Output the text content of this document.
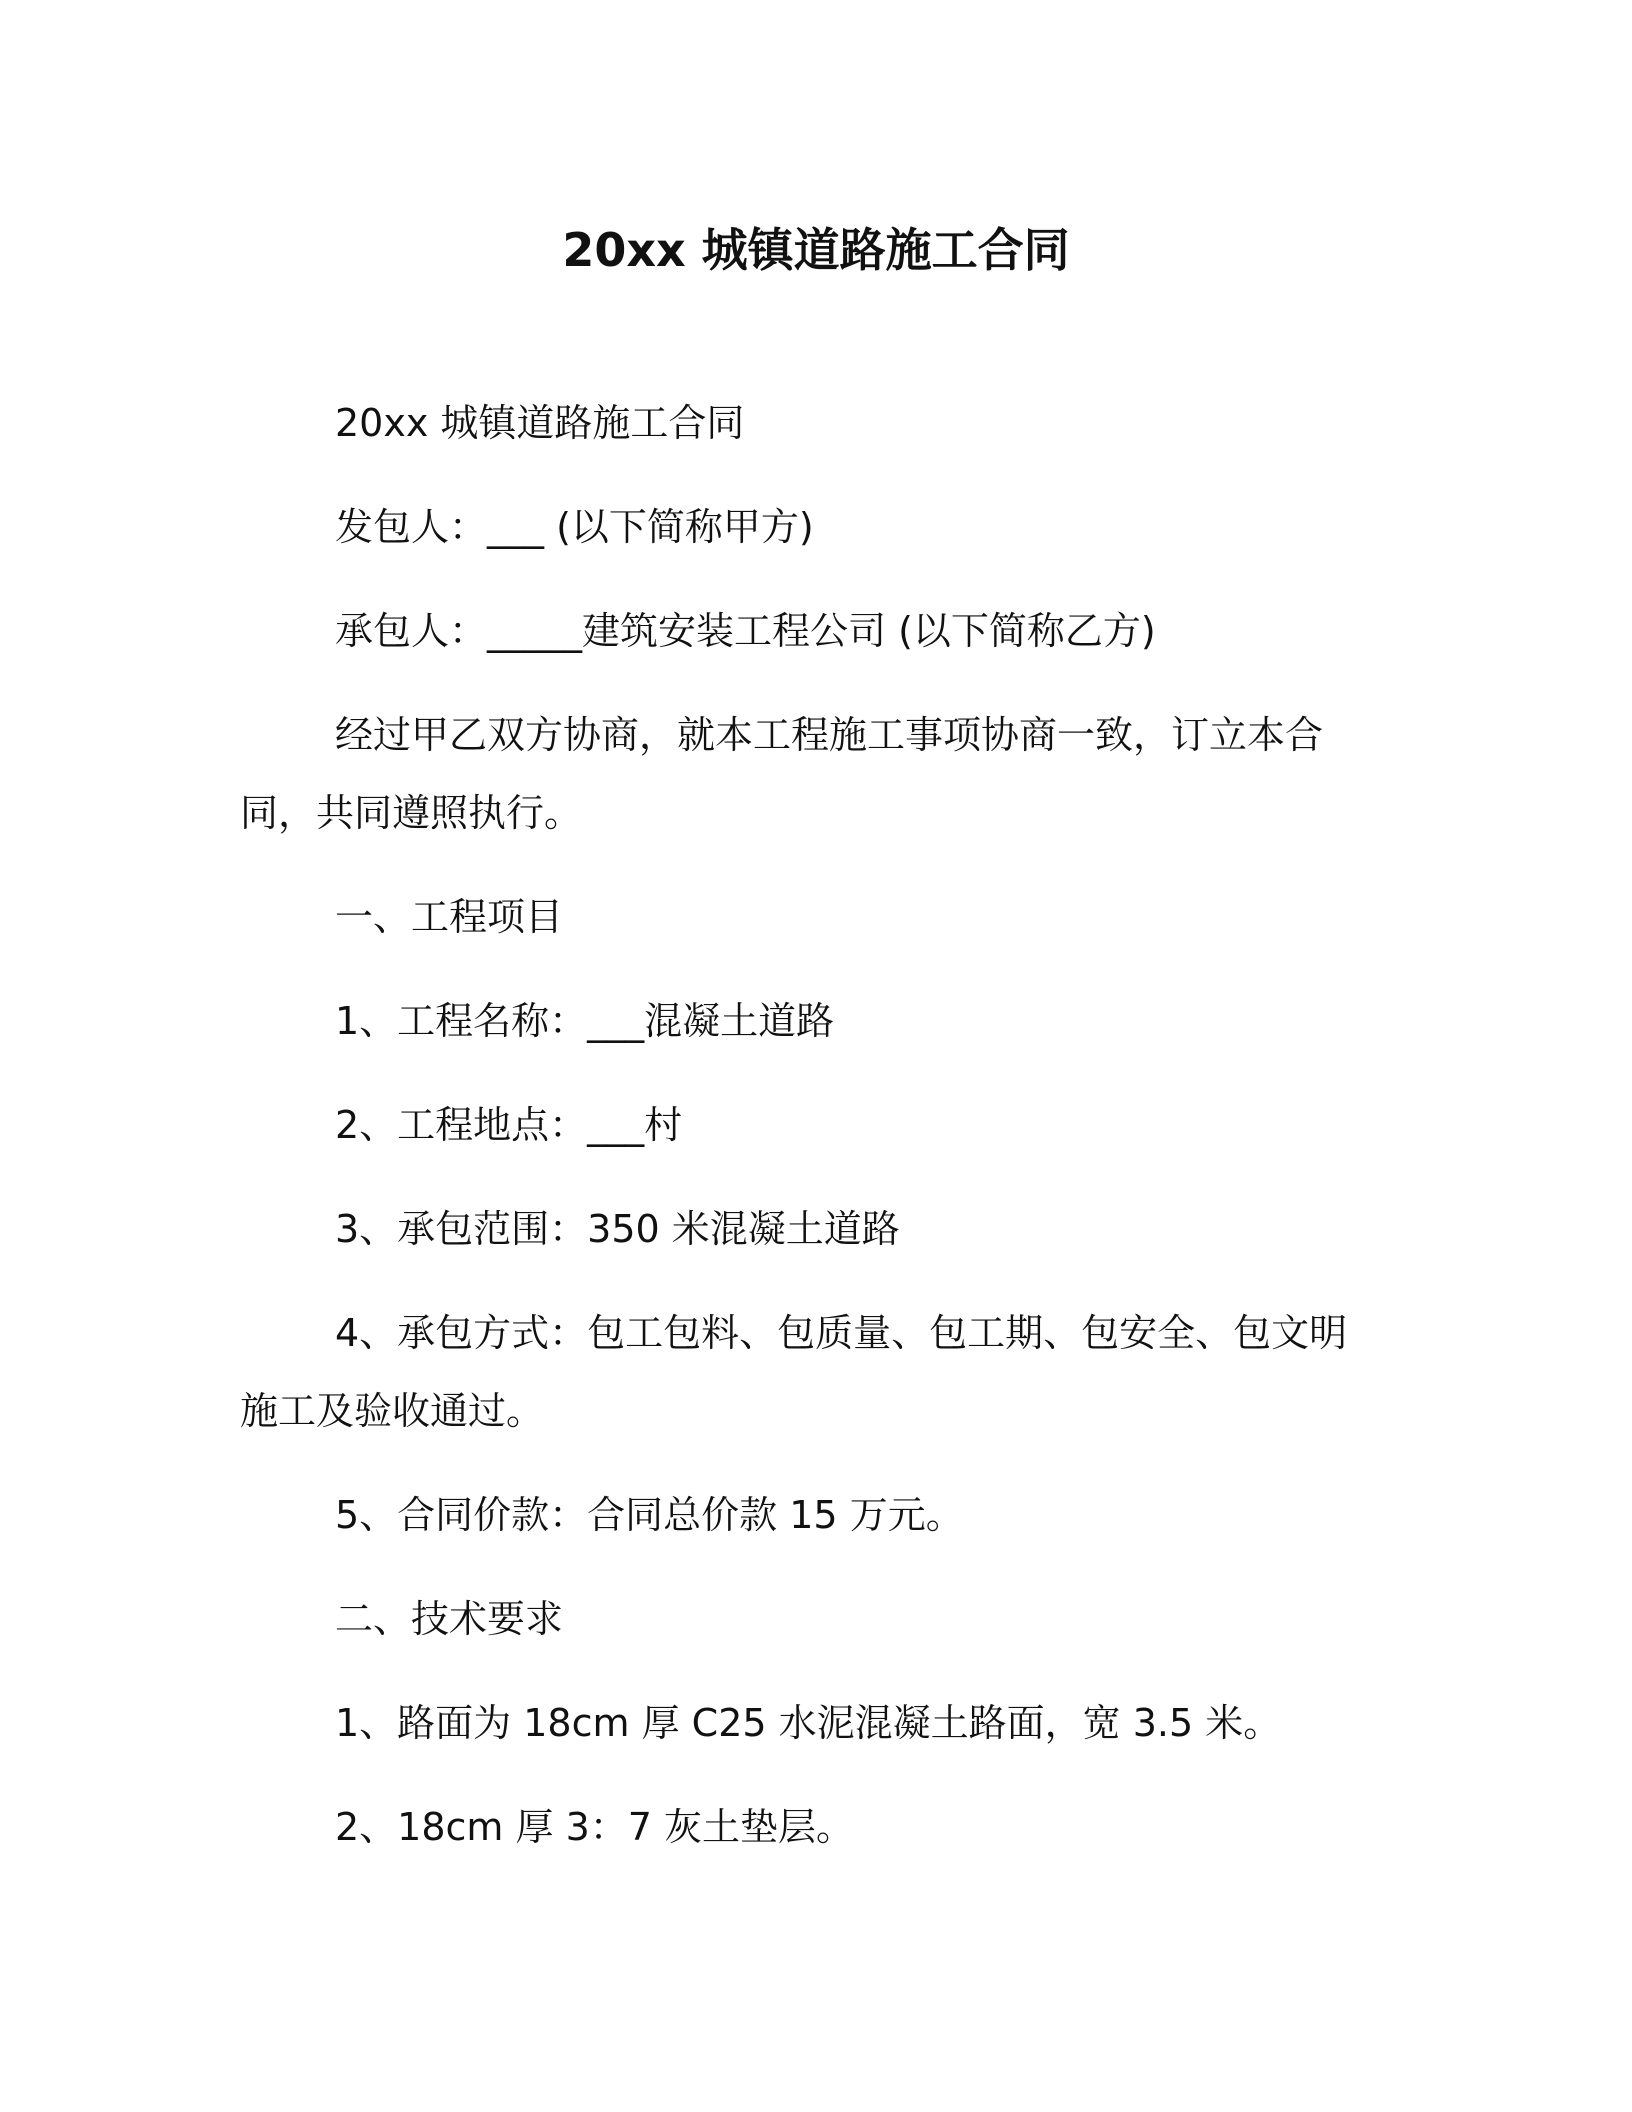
20xx 城镇道路施工合同
20xx 城镇道路施工合同
发包人：___ (以下简称甲方)
承包人：_____建筑安装工程公司 (以下简称乙方)
经过甲乙双方协商，就本工程施工事项协商一致，订立本合同，共同遵照执行。
一、工程项目
1、工程名称：___混凝土道路
2、工程地点：___村
3、承包范围：350 米混凝土道路
4、承包方式：包工包料、包质量、包工期、包安全、包文明施工及验收通过。
5、合同价款：合同总价款 15 万元。
二、技术要求
1、路面为 18cm 厚 C25 水泥混凝土路面，宽 3.5 米。
2、18cm 厚 3：7 灰土垫层。
